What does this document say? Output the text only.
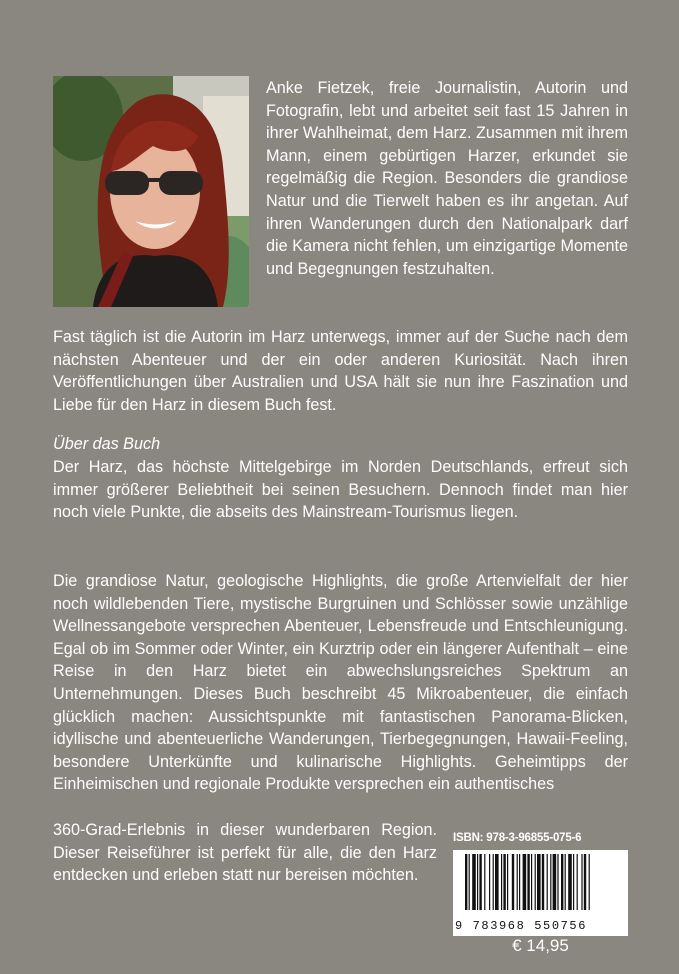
Anke Fietzek, freie Journalistin, Autorin und Fotografin, lebt und arbeitet seit fast 15 Jahren in ihrer Wahlheimat, dem Harz. Zusammen mit ihrem Mann, einem gebürtigen Harzer, erkundet sie regelmäßig die Region. Besonders die grandiose Natur und die Tierwelt haben es ihr angetan. Auf ihren Wanderungen durch den Nationalpark darf die Kamera nicht fehlen, um einzigartige Momente und Begegnungen festzuhalten.
Fast täglich ist die Autorin im Harz unterwegs, immer auf der Suche nach dem nächsten Abenteuer und der ein oder anderen Kuriosität. Nach ihren Veröffentlichungen über Australien und USA hält sie nun ihre Faszination und Liebe für den Harz in diesem Buch fest.
Über das Buch
Der Harz, das höchste Mittelgebirge im Norden Deutschlands, erfreut sich immer größerer Beliebtheit bei seinen Besuchern. Dennoch findet man hier noch viele Punkte, die abseits des Mainstream-Tourismus liegen.
Die grandiose Natur, geologische Highlights, die große Artenvielfalt der hier noch wildlebenden Tiere, mystische Burgruinen und Schlösser sowie unzählige Wellnessangebote versprechen Abenteuer, Lebensfreude und Entschleunigung. Egal ob im Sommer oder Winter, ein Kurztrip oder ein längerer Aufenthalt – eine Reise in den Harz bietet ein abwechslungsreiches Spektrum an Unternehmungen. Dieses Buch beschreibt 45 Mikroabenteuer, die einfach glücklich machen: Aussichtspunkte mit fantastischen Panorama-Blicken, idyllische und abenteuerliche Wanderungen, Tierbegegnungen, Hawaii-Feeling, besondere Unterkünfte und kulinarische Highlights. Geheimtipps der Einheimischen und regionale Produkte versprechen ein authentisches
360-Grad-Erlebnis in dieser wunderbaren Region. Dieser Reiseführer ist perfekt für alle, die den Harz entdecken und erleben statt nur bereisen möchten.
ISBN: 978-3-96855-075-6
9 783968 550756
€ 14,95
